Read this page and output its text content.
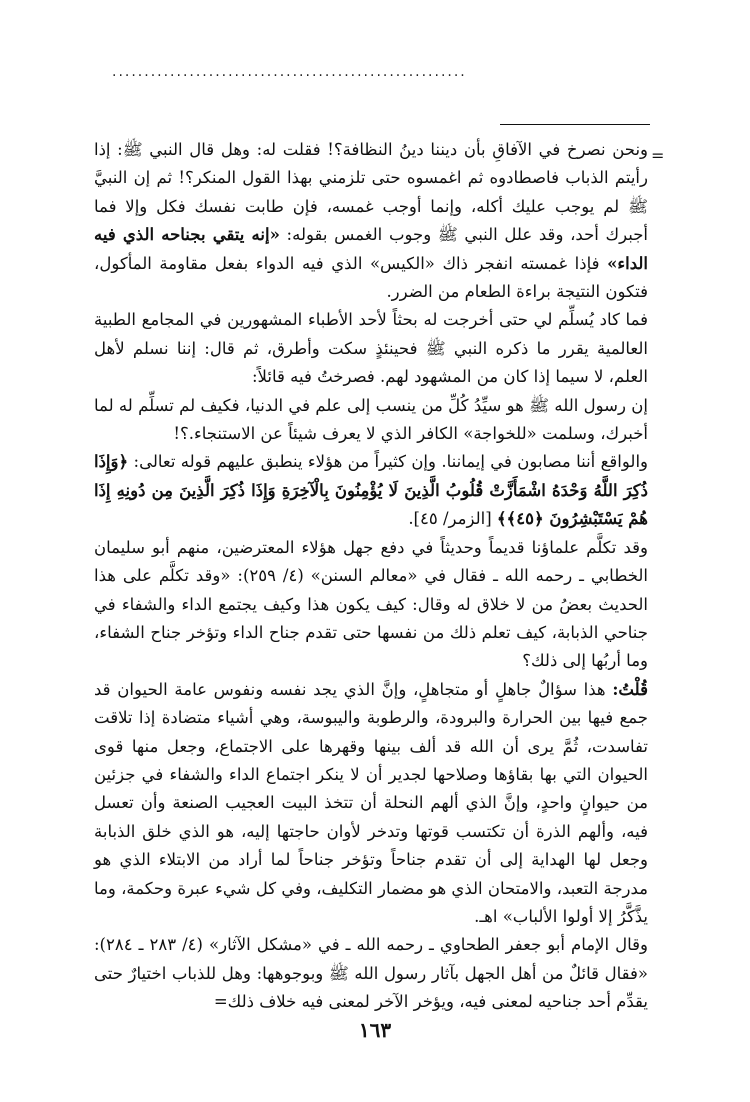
.......................................................
=

ونحن نصرخ في الآفاقِ بأن ديننا دينُ النظافة؟! فقلت له: وهل قال النبي ﷺ: إذا رأيتم الذباب فاصطادوه ثم اغمسوه حتى تلزمني بهذا القول المنكر؟! ثم إن النبيَّ ﷺ لم يوجب عليك أكله، وإنما أوجب غمسه، فإن طابت نفسك فكل وإلا فما أجبرك أحد، وقد علل النبي ﷺ وجوب الغمس بقوله: «إنه يتقي بجناحه الذي فيه الداء» فإذا غمسته انفجر ذاك «الكيس» الذي فيه الدواء بفعل مقاومة المأكول، فتكون النتيجة براءة الطعام من الضرر.

فما كاد يُسلِّم لي حتى أخرجت له بحثاً لأحد الأطباء المشهورين في المجامع الطبية العالمية يقرر ما ذكره النبي ﷺ فحينئذٍ سكت وأطرق، ثم قال: إننا نسلم لأهل العلم، لا سيما إذا كان من المشهود لهم. فصرختُ فيه قائلاً:

إن رسول الله ﷺ هو سيِّدُ كُلِّ من ينسب إلى علم في الدنيا، فكيف لم تسلِّم له لما أخبرك، وسلمت «للخواجة» الكافر الذي لا يعرف شيئاً عن الاستنجاء.؟!

والواقع أننا مصابون في إيماننا. وإن كثيراً من هؤلاء ينطبق عليهم قوله تعالى: ﴿وَإِذَا ذُكِرَ اللَّهُ وَحْدَهُ اشْمَأَزَّتْ قُلُوبُ الَّذِينَ لَا يُؤْمِنُونَ بِالْآخِرَةِ وَإِذَا ذُكِرَ الَّذِينَ مِن دُونِهِ إِذَا هُمْ يَسْتَبْشِرُونَ ﴿٤٥﴾﴾ [الزمر/ ٤٥].

وقد تكلَّم علماؤنا قديماً وحديثاً في دفع جهل هؤلاء المعترضين، منهم أبو سليمان الخطابي ـ رحمه الله ـ فقال في «معالم السنن» (٤/ ٢٥٩): «وقد تكلَّم على هذا الحديث بعضُ من لا خلاق له وقال: كيف يكون هذا وكيف يجتمع الداء والشفاء في جناحي الذبابة، كيف تعلم ذلك من نفسها حتى تقدم جناح الداء وتؤخر جناح الشفاء، وما أربُها إلى ذلك؟

قُلْتُ: هذا سؤالٌ جاهلٍ أو متجاهلٍ، وإنَّ الذي يجد نفسه ونفوس عامة الحيوان قد جمع فيها بين الحرارة والبرودة، والرطوبة واليبوسة، وهي أشياء متضادة إذا تلاقت تفاسدت، ثُمَّ يرى أن الله قد ألف بينها وقهرها على الاجتماع، وجعل منها قوى الحيوان التي بها بقاؤها وصلاحها لجدير أن لا ينكر اجتماع الداء والشفاء في جزئين من حيوانٍ واحدٍ، وإنَّ الذي ألهم النحلة أن تتخذ البيت العجيب الصنعة وأن تعسل فيه، وألهم الذرة أن تكتسب قوتها وتدخر لأوان حاجتها إليه، هو الذي خلق الذبابة وجعل لها الهداية إلى أن تقدم جناحاً وتؤخر جناحاً لما أراد من الابتلاء الذي هو مدرجة التعبد، والامتحان الذي هو مضمار التكليف، وفي كل شيء عبرة وحكمة، وما يذَّكَّرُ إلا أولوا الألباب» اهـ.

وقال الإمام أبو جعفر الطحاوي ـ رحمه الله ـ في «مشكل الآثار» (٤/ ٢٨٣ ـ ٢٨٤): «فقال قائلٌ من أهل الجهل بآثار رسول الله ﷺ وبوجوهها: وهل للذباب اختيارٌ حتى يقدِّم أحد جناحيه لمعنى فيه، ويؤخر الآخر لمعنى فيه خلاف ذلك=

١٦٣
